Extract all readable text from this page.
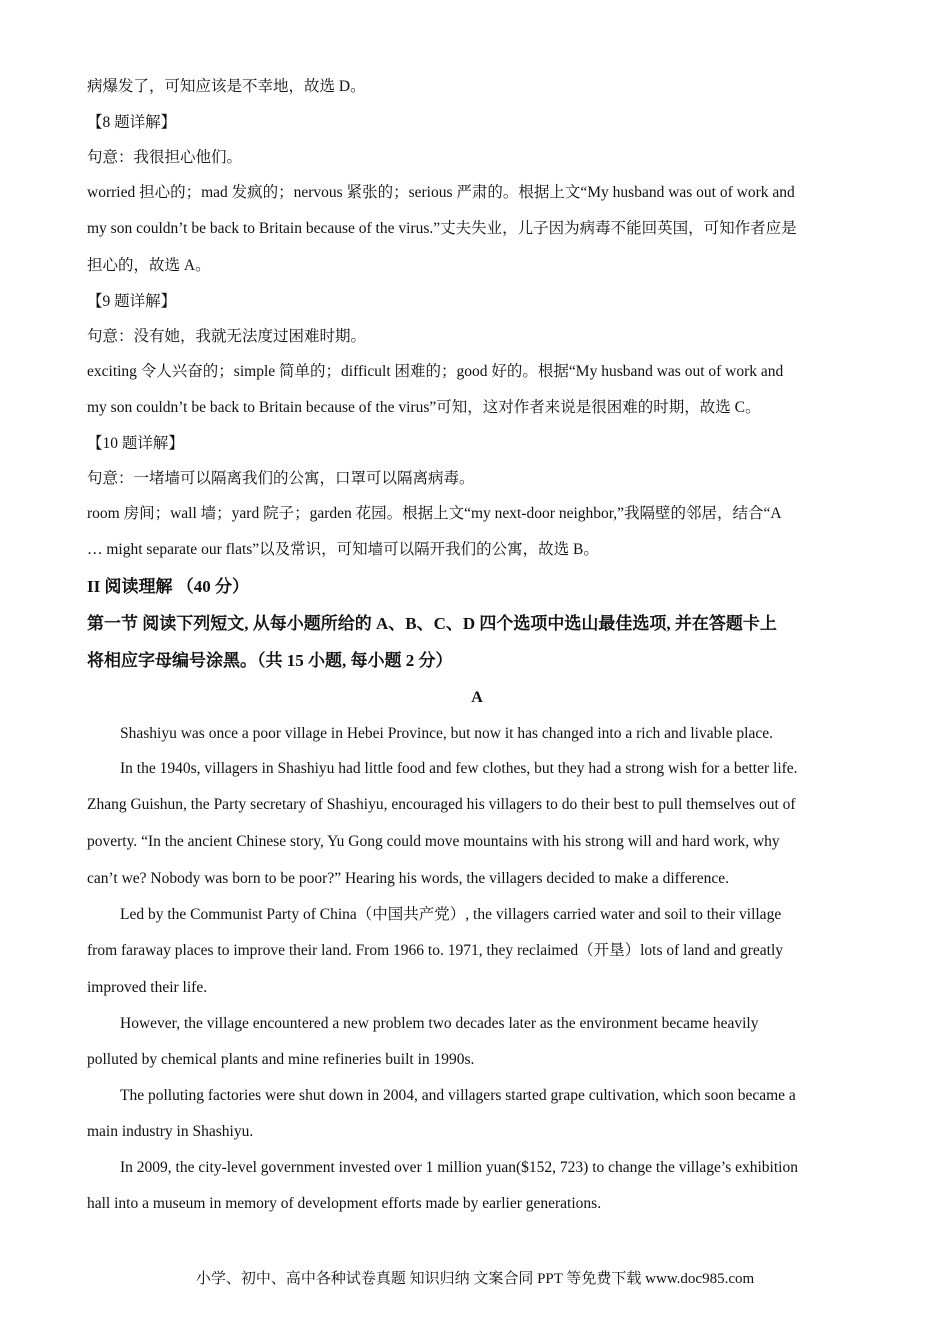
病爆发了，可知应该是不幸地，故选 D。

【8 题详解】

句意：我很担心他们。

worried 担心的；mad 发疯的；nervous 紧张的；serious 严肃的。根据上文“My husband was out of work and

my son couldn’t be back to Britain because of the virus.”丈夫失业，儿子因为病毒不能回英国，可知作者应是

担心的，故选 A。

【9 题详解】

句意：没有她，我就无法度过困难时期。

exciting 令人兴奋的；simple 简单的；difficult 困难的；good 好的。根据“My husband was out of work and

my son couldn’t be back to Britain because of the virus”可知，这对作者来说是很困难的时期，故选 C。

【10 题详解】

句意：一堵墙可以隔离我们的公寓，口罩可以隔离病毒。

room 房间；wall 墙；yard 院子；garden 花园。根据上文“my next-door neighbor,”我隔壁的邻居，结合“A

… might separate our flats”以及常识，可知墙可以隔开我们的公寓，故选 B。

II 阅读理解 （40 分）

第一节 阅读下列短文, 从每小题所给的 A、B、C、D 四个选项中选山最佳选项, 并在答题卡上

将相应字母编号涂黑。（共 15 小题, 每小题 2 分）

A

Shashiyu was once a poor village in Hebei Province, but now it has changed into a rich and livable place.

In the 1940s, villagers in Shashiyu had little food and few clothes, but they had a strong wish for a better life.

Zhang Guishun, the Party secretary of Shashiyu, encouraged his villagers to do their best to pull themselves out of

poverty. “In the ancient Chinese story, Yu Gong could move mountains with his strong will and hard work, why

can’t we? Nobody was born to be poor?” Hearing his words, the villagers decided to make a difference.

Led by the Communist Party of China（中国共产党）, the villagers carried water and soil to their village

from faraway places to improve their land. From 1966 to. 1971, they reclaimed（开垦）lots of land and greatly

improved their life.

However, the village encountered a new problem two decades later as the environment became heavily

polluted by chemical plants and mine refineries built in 1990s.

The polluting factories were shut down in 2004, and villagers started grape cultivation, which soon became a

main industry in Shashiyu.

In 2009, the city-level government invested over 1 million yuan($152, 723) to change the village’s exhibition

hall into a museum in memory of development efforts made by earlier generations.

小学、初中、高中各种试卷真题 知识归纳 文案合同 PPT 等免费下载 www.doc985.com
